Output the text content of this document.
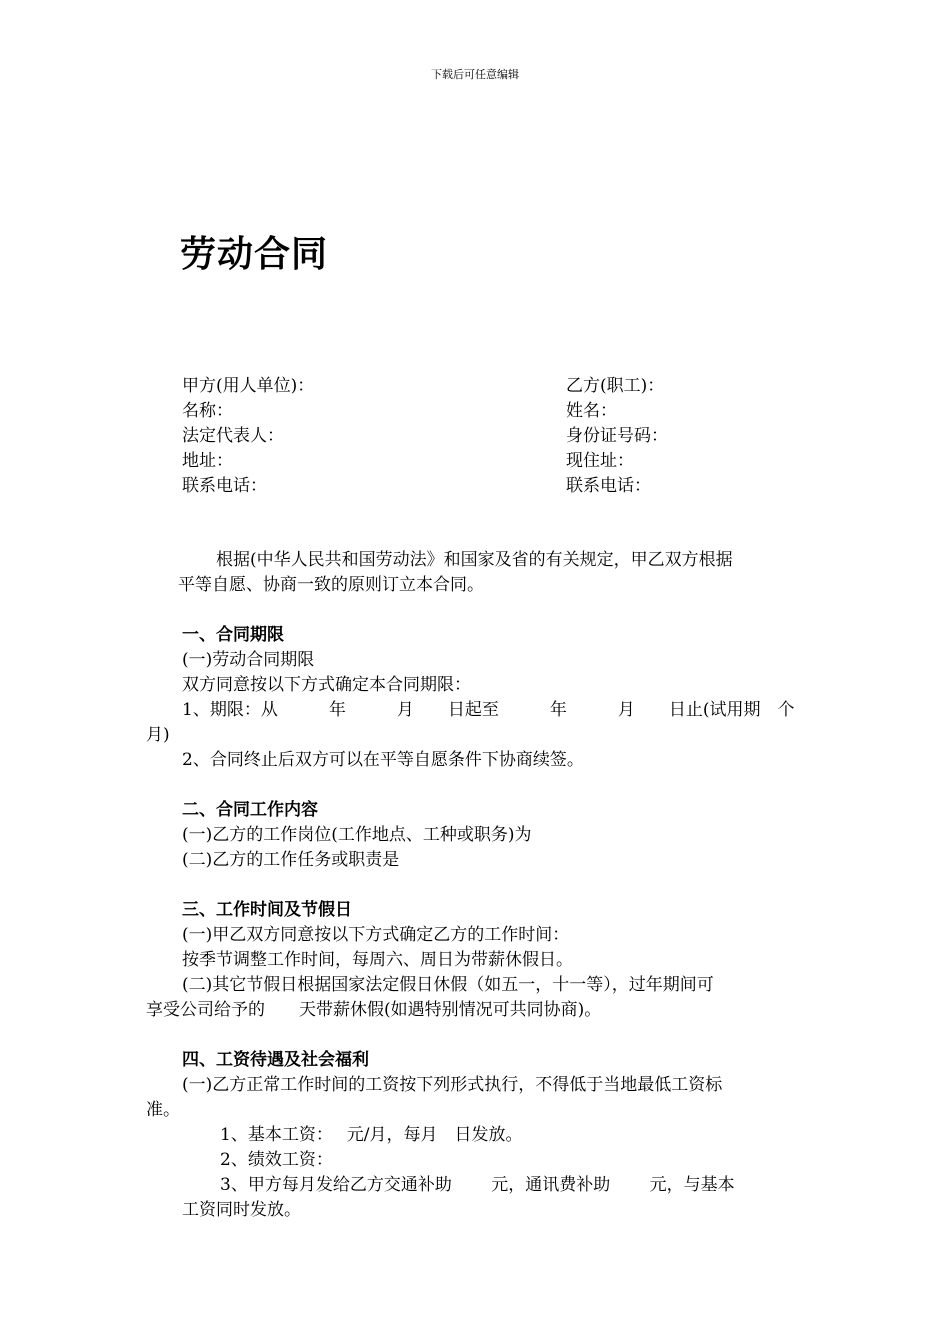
下载后可任意编辑
劳动合同
甲方(用人单位)：
名称：
法定代表人：
地址：
联系电话：
乙方(职工)：
姓名：
身份证号码：
现住址：
联系电话：

根据(中华人民共和国劳动法》和国家及省的有关规定，甲乙双方根据

平等自愿、协商一致的原则订立本合同。

一、合同期限

(一)劳动合同期限

双方同意按以下方式确定本合同期限：

1、期限：从　　　年　　　月　　日起至　　　年　　　月　　日止(试用期　个

月)

2、合同终止后双方可以在平等自愿条件下协商续签。

二、合同工作内容

(一)乙方的工作岗位(工作地点、工种或职务)为

(二)乙方的工作任务或职责是

三、工作时间及节假日

(一)甲乙双方同意按以下方式确定乙方的工作时间：

按季节调整工作时间，每周六、周日为带薪休假日。

(二)其它节假日根据国家法定假日休假（如五一，十一等），过年期间可

享受公司给予的　　天带薪休假(如遇特别情况可共同协商)。

四、工资待遇及社会福利

(一)乙方正常工作时间的工资按下列形式执行，不得低于当地最低工资标

准。

1、基本工资：　 元/月，每月　日发放。

2、绩效工资：

3、甲方每月发给乙方交通补助　　 元，通讯费补助　　 元，与基本

工资同时发放。
